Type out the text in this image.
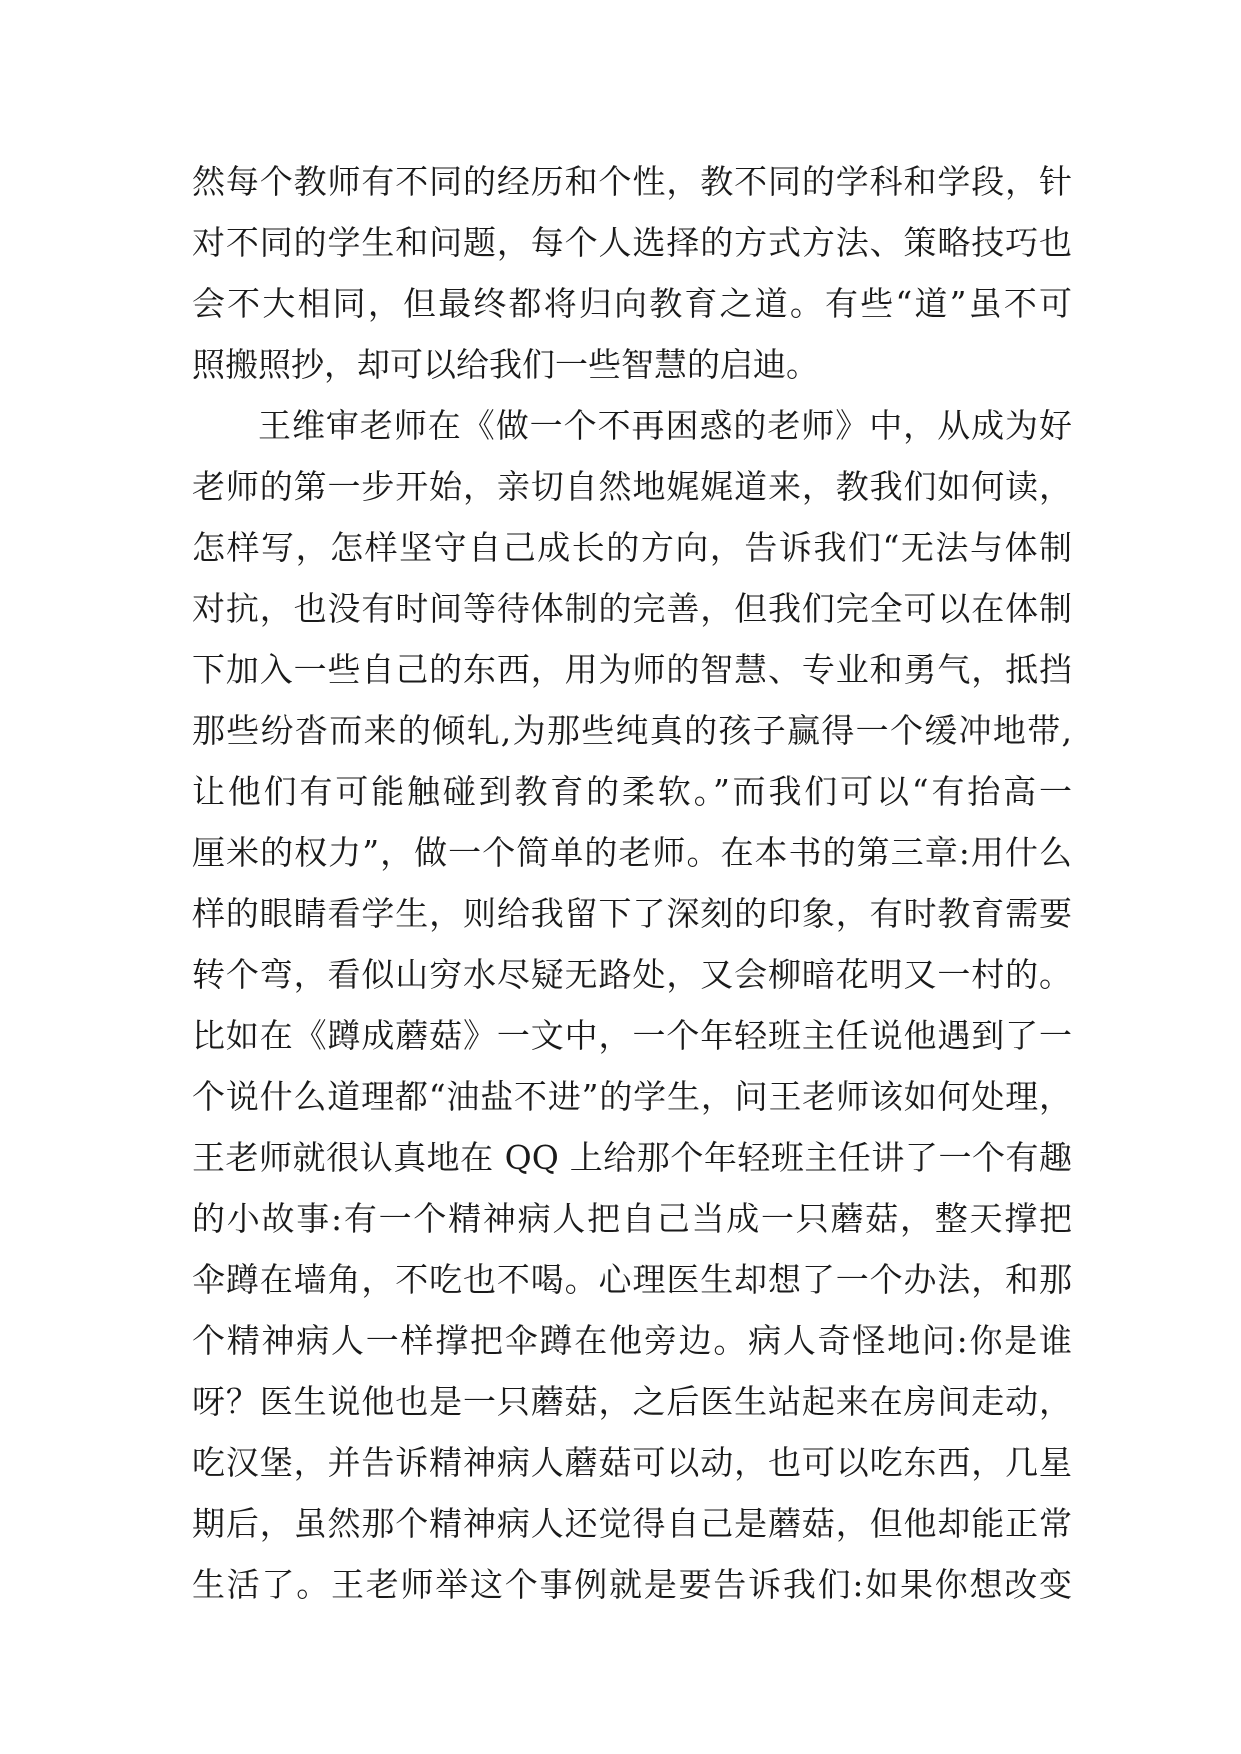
然每个教师有不同的经历和个性，教不同的学科和学段，针
对不同的学生和问题，每个人选择的方式方法、策略技巧也
会不大相同，但最终都将归向教育之道。有些“道”虽不可
照搬照抄，却可以给我们一些智慧的启迪。
王维审老师在《做一个不再困惑的老师》中，从成为好
老师的第一步开始，亲切自然地娓娓道来，教我们如何读，
怎样写，怎样坚守自己成长的方向，告诉我们“无法与体制
对抗，也没有时间等待体制的完善，但我们完全可以在体制
下加入一些自己的东西，用为师的智慧、专业和勇气，抵挡
那些纷沓而来的倾轧,为那些纯真的孩子赢得一个缓冲地带,
让他们有可能触碰到教育的柔软。”而我们可以“有抬高一
厘米的权力”，做一个简单的老师。在本书的第三章:用什么
样的眼睛看学生，则给我留下了深刻的印象，有时教育需要
转个弯，看似山穷水尽疑无路处，又会柳暗花明又一村的。
比如在《蹲成蘑菇》一文中，一个年轻班主任说他遇到了一
个说什么道理都“油盐不进”的学生，问王老师该如何处理，
王老师就很认真地在 QQ 上给那个年轻班主任讲了一个有趣
的小故事:有一个精神病人把自己当成一只蘑菇，整天撑把
伞蹲在墙角，不吃也不喝。心理医生却想了一个办法，和那
个精神病人一样撑把伞蹲在他旁边。病人奇怪地问:你是谁
呀？医生说他也是一只蘑菇，之后医生站起来在房间走动，
吃汉堡，并告诉精神病人蘑菇可以动，也可以吃东西，几星
期后，虽然那个精神病人还觉得自己是蘑菇，但他却能正常
生活了。王老师举这个事例就是要告诉我们:如果你想改变
